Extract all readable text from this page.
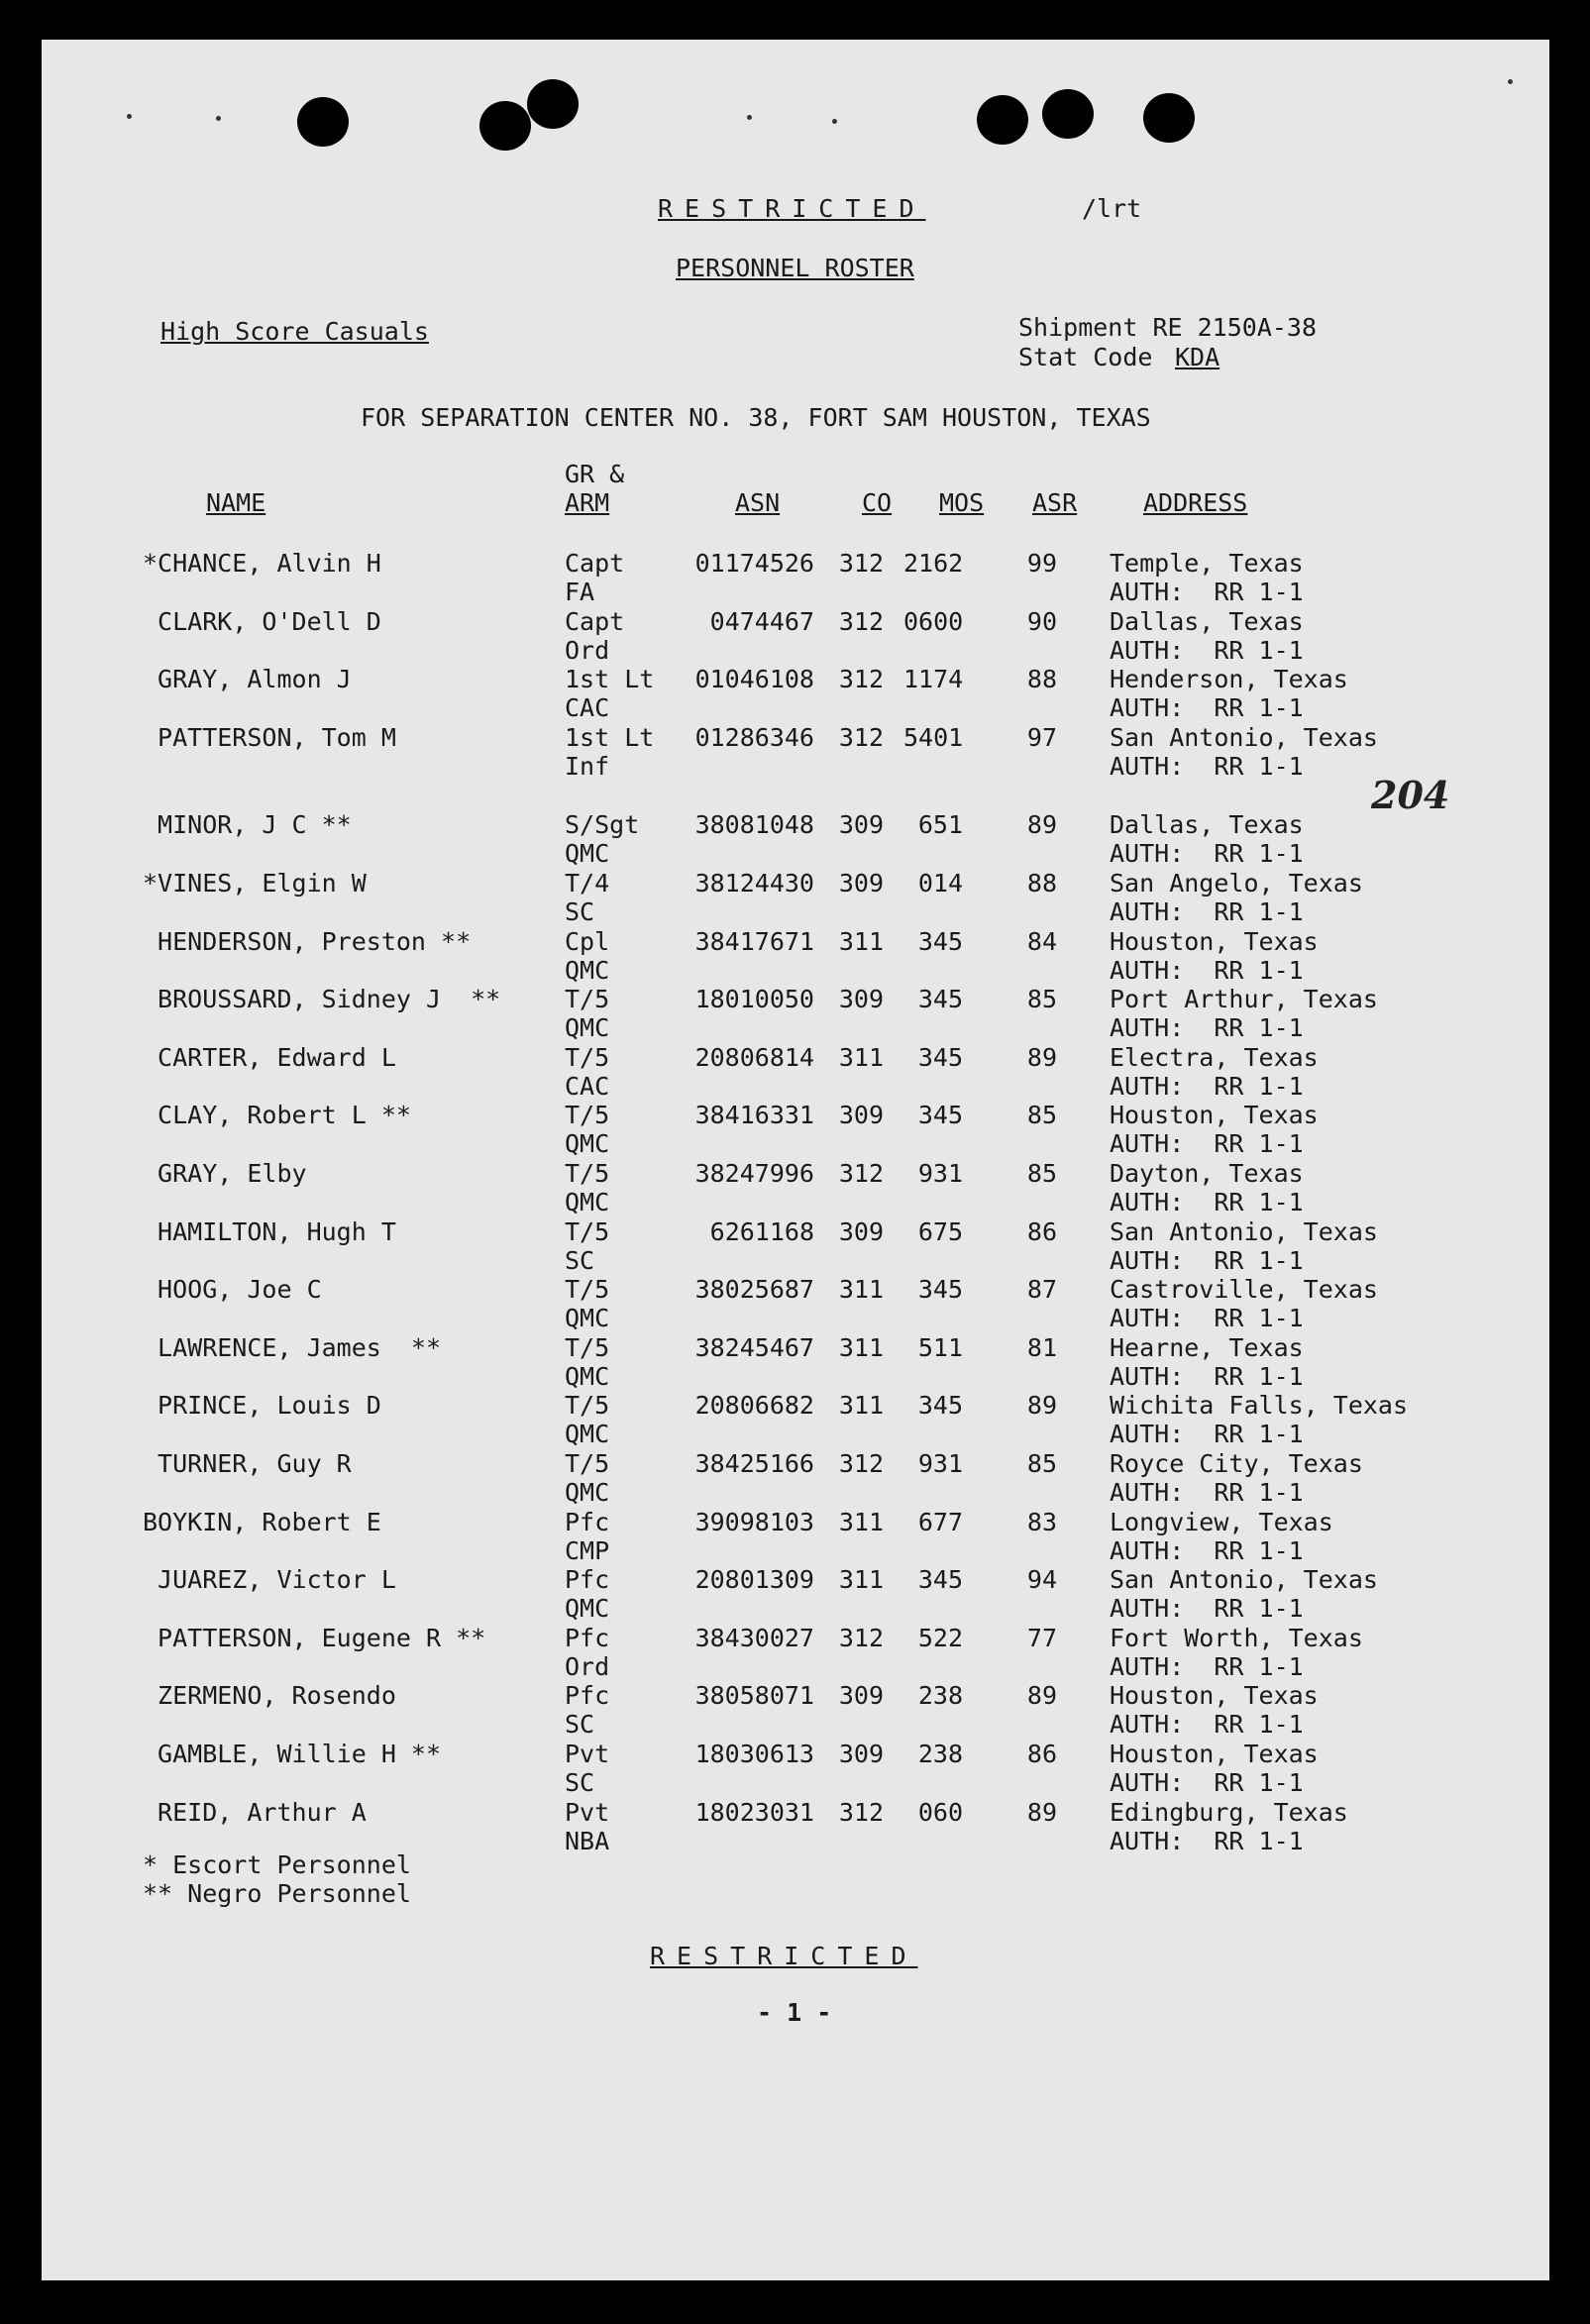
RESTRICTED	/lrt
PERSONNEL ROSTER
High Score Casuals	Shipment RE 2150A-38
Stat Code KDA
FOR SEPARATION CENTER NO. 38, FORT SAM HOUSTON, TEXAS
NAME
GR &
ARM	ASN	CO MOS ASR	ADDRESS
*CHANCE, Alvin H	Capt
FA
01174526 312 2162	99 Temple, Texas
AUTH:  RR 1-1
CLARK, O'Dell D	Capt
Ord
0474467 312 0600	90 Dallas, Texas
AUTH:  RR 1-1
GRAY, Almon J	1st Lt
CAC
01046108 312 1174	88 Henderson, Texas
AUTH:  RR 1-1
PATTERSON, Tom M	1st Lt
Inf
01286346 312 5401	97 San Antonio, Texas
AUTH:  RR 1-1
MINOR, J C **	S/Sgt
QMC
38081048 309	651	89 Dallas, Texas
AUTH:  RR 1-1
*VINES, Elgin W	T/4
SC
38124430 309	014	88 San Angelo, Texas
AUTH:  RR 1-1
HENDERSON, Preston **	Cpl
QMC
38417671 311	345	84 Houston, Texas
AUTH:  RR 1-1
BROUSSARD, Sidney J  **	T/5
QMC
18010050 309	345	85 Port Arthur, Texas
AUTH:  RR 1-1
CARTER, Edward L	T/5
CAC
20806814 311	345	89 Electra, Texas
AUTH:  RR 1-1
CLAY, Robert L **	T/5
QMC
38416331 309	345	85 Houston, Texas
AUTH:  RR 1-1
GRAY, Elby	T/5
QMC
38247996 312	931	85 Dayton, Texas
AUTH:  RR 1-1
HAMILTON, Hugh T	T/5
SC
6261168 309	675	86 San Antonio, Texas
AUTH:  RR 1-1
HOOG, Joe C	T/5
QMC
38025687 311	345	87 Castroville, Texas
AUTH:  RR 1-1
LAWRENCE, James  **	T/5
QMC
38245467 311	511	81 Hearne, Texas
AUTH:  RR 1-1
PRINCE, Louis D	T/5
QMC
20806682 311	345	89 Wichita Falls, Texas
AUTH:  RR 1-1
TURNER, Guy R	T/5
QMC
38425166 312	931	85 Royce City, Texas
AUTH:  RR 1-1
BOYKIN, Robert E	Pfc
CMP
39098103 311	677	83 Longview, Texas
AUTH:  RR 1-1
JUAREZ, Victor L	Pfc
QMC
20801309 311	345	94 San Antonio, Texas
AUTH:  RR 1-1
PATTERSON, Eugene R **	Pfc
Ord
38430027 312	522	77 Fort Worth, Texas
AUTH:  RR 1-1
ZERMENO, Rosendo	Pfc
SC
38058071 309	238	89 Houston, Texas
AUTH:  RR 1-1
GAMBLE, Willie H **	Pvt
SC
18030613 309	238	86 Houston, Texas
AUTH:  RR 1-1
REID, Arthur A	Pvt
NBA
18023031 312	060	89 Edingburg, Texas
AUTH:  RR 1-1
204
* Escort Personnel
** Negro Personnel
RESTRICTED
- 1 -
